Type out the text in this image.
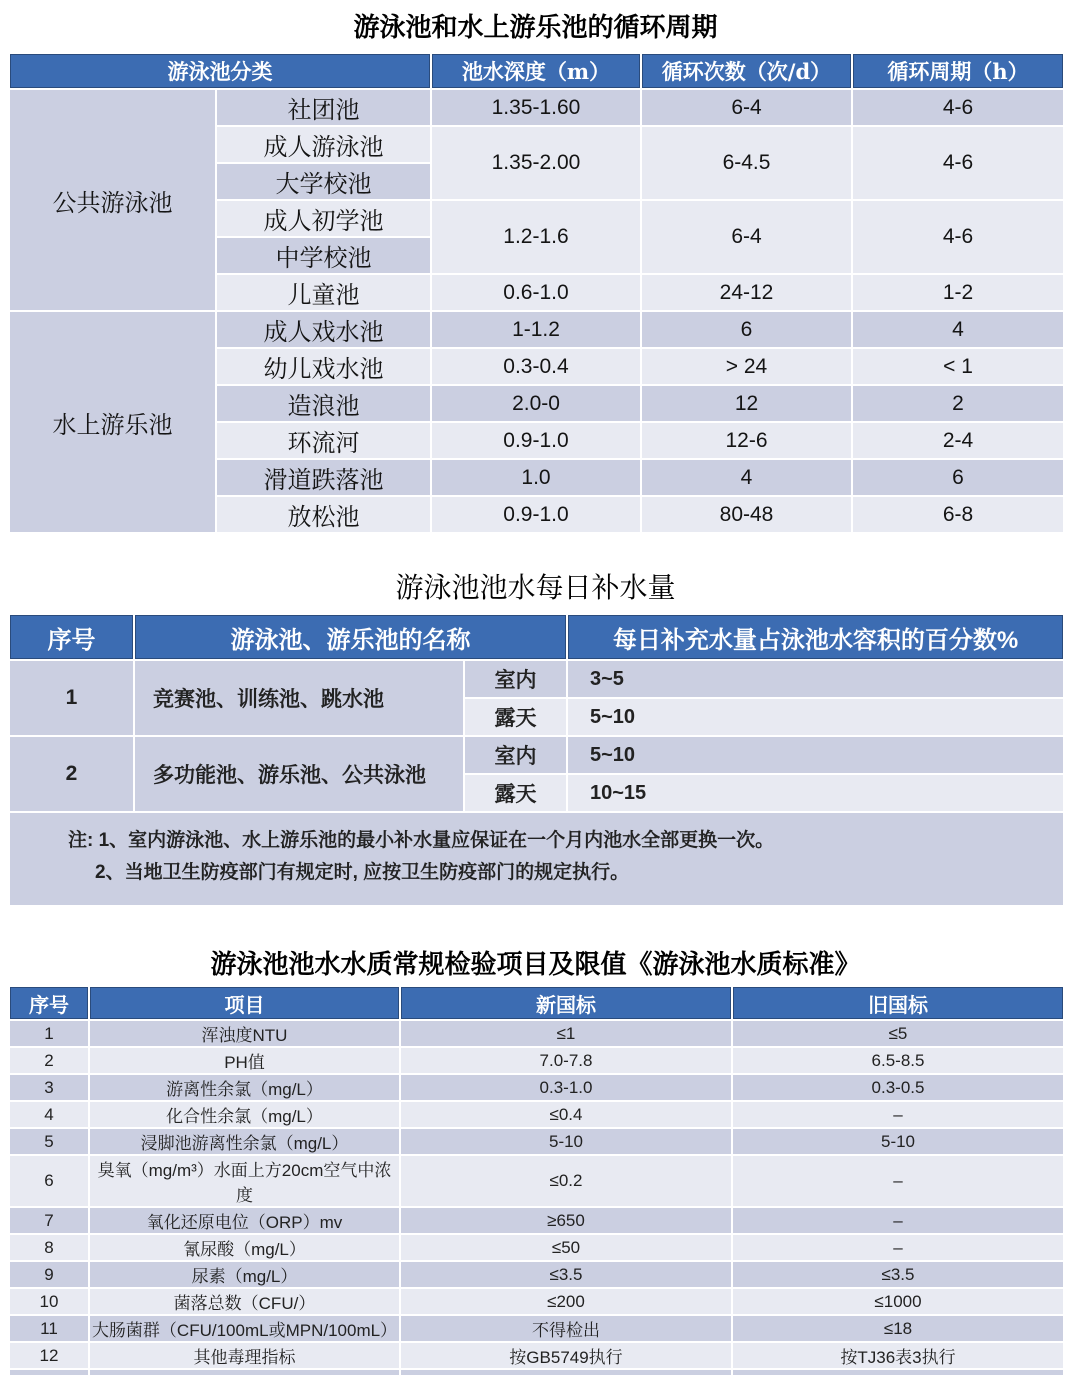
游泳池和水上游乐池的循环周期
游泳池分类		池水深度（m）	循环次数（次/d）	循环周期（h）
公共游泳池	社团池	1.35-1.60	6-4	4-6
	成人游泳池	1.35-2.00	6-4.5	4-6
	大学校池			
	成人初学池	1.2-1.6	6-4	4-6
	中学校池			
	儿童池	0.6-1.0	24-12	1-2
水上游乐池	成人戏水池	1-1.2	6	4
	幼儿戏水池	0.3-0.4	> 24	< 1
	造浪池	2.0-0	12	2
	环流河	0.9-1.0	12-6	2-4
	滑道跌落池	1.0	4	6
	放松池	0.9-1.0	80-48	6-8
游泳池池水每日补水量
序号	游泳池、游乐池的名称		每日补充水量占泳池水容积的百分数%
1	竞赛池、训练池、跳水池	室内	3~5
		露天	5~10
2	多功能池、游乐池、公共泳池	室内	5~10
		露天	10~15

注: 1、室内游泳池、水上游乐池的最小补水量应保证在一个月内池水全部更换一次。
2、当地卫生防疫部门有规定时, 应按卫生防疫部门的规定执行。			
游泳池池水水质常规检验项目及限值《游泳池水质标准》
序号	项目	新国标	旧国标
1	浑浊度NTU	≤1	≤5
2	PH值	7.0-7.8	6.5-8.5
3	游离性余氯（mg/L）	0.3-1.0	0.3-0.5
4	化合性余氯（mg/L）	≤0.4	–
5	浸脚池游离性余氯（mg/L）	5-10	5-10
6	臭氧（mg/m³）水面上方20cm空气中浓度	≤0.2	–
7	氧化还原电位（ORP）mv	≥650	–
8	氰尿酸（mg/L）	≤50	–
9	尿素（mg/L）	≤3.5	≤3.5
10	菌落总数（CFU/）	≤200	≤1000
11	大肠菌群（CFU/100mL或MPN/100mL）	不得检出	≤18
12	其他毒理指标	按GB5749执行	按TJ36表3执行
